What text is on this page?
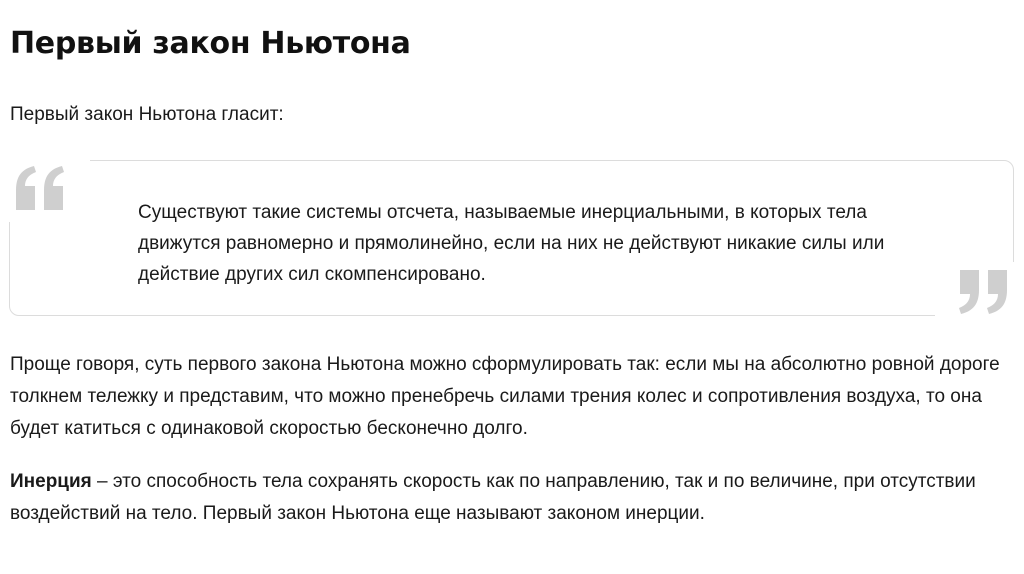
Первый закон Ньютона

Первый закон Ньютона гласит:

Существуют такие системы отсчета, называемые инерциальными, в которых тела движутся равномерно и прямолинейно, если на них не действуют никакие силы или действие других сил скомпенсировано.

Проще говоря, суть первого закона Ньютона можно сформулировать так: если мы на абсолютно ровной дороге толкнем тележку и представим, что можно пренебречь силами трения колес и сопротивления воздуха, то она будет катиться с одинаковой скоростью бесконечно долго.

Инерция – это способность тела сохранять скорость как по направлению, так и по величине, при отсутствии воздействий на тело. Первый закон Ньютона еще называют законом инерции.
